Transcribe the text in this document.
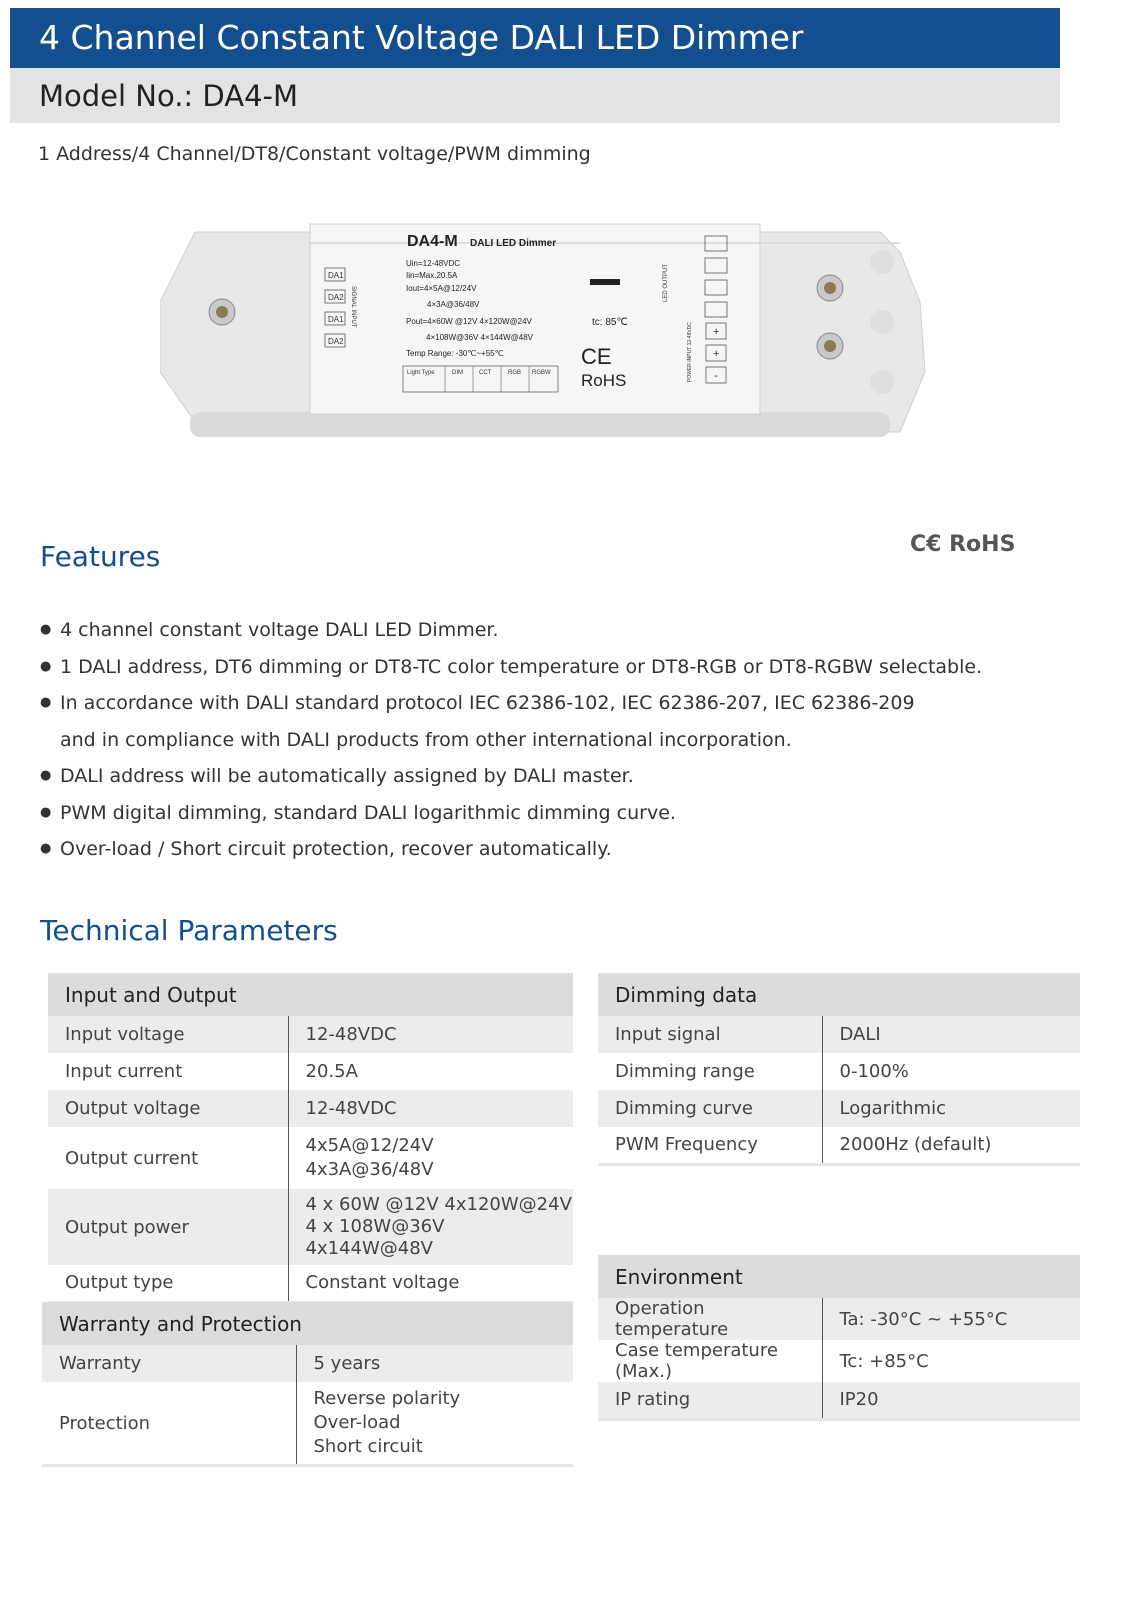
4 Channel Constant Voltage DALI LED Dimmer
Model No.: DA4-M
1 Address/4 Channel/DT8/Constant voltage/PWM dimming
DA1
DA2
DA1
DA2
SIGNAL INPUT
DA4-M DALI LED Dimmer
Uin=12-48VDC
Iin=Max.20.5A
Iout=4×5A@12/24V
4×3A@36/48V
Pout=4×60W @12V 4×120W@24V
4×108W@36V 4×144W@48V
Temp Range: -30℃~+55℃
tc: 85℃
CE
RoHS
Light Type	DIM	CCT	RGB RGBW
LED OUTPUT
+
+
-
POWER INPUT 12-48VDC
C€ RoHS
Features
● 4 channel constant voltage DALI LED Dimmer.
● 1 DALI address, DT6 dimming or DT8-TC color temperature or DT8-RGB or DT8-RGBW selectable.
● In accordance with DALI standard protocol IEC 62386-102, IEC 62386-207, IEC 62386-209
and in compliance with DALI products from other international incorporation.
● DALI address will be automatically assigned by DALI master.
● PWM digital dimming, standard DALI logarithmic dimming curve.
● Over-load / Short circuit protection, recover automatically.
Technical Parameters
Input and Output	
Input voltage	12-48VDC
Input current	20.5A
Output voltage	12-48VDC
Output current	4x5A@12/24V
4x3A@36/48V

Output power	4 x 60W @12V 4x120W@24V
4 x 108W@36V 4x144W@48V

Output type	Constant voltage
Warranty and Protection	
Warranty	5 years
Protection	Reverse polarity
Over-load
Short circuit
Dimming data	
Input signal	DALI
Dimming range	0-100%
Dimming curve	Logarithmic
PWM Frequency	2000Hz (default)
Environment	
Operation temperature	Ta: -30°C ~ +55°C
Case temperature (Max.)	Tc: +85°C
IP rating	IP20
